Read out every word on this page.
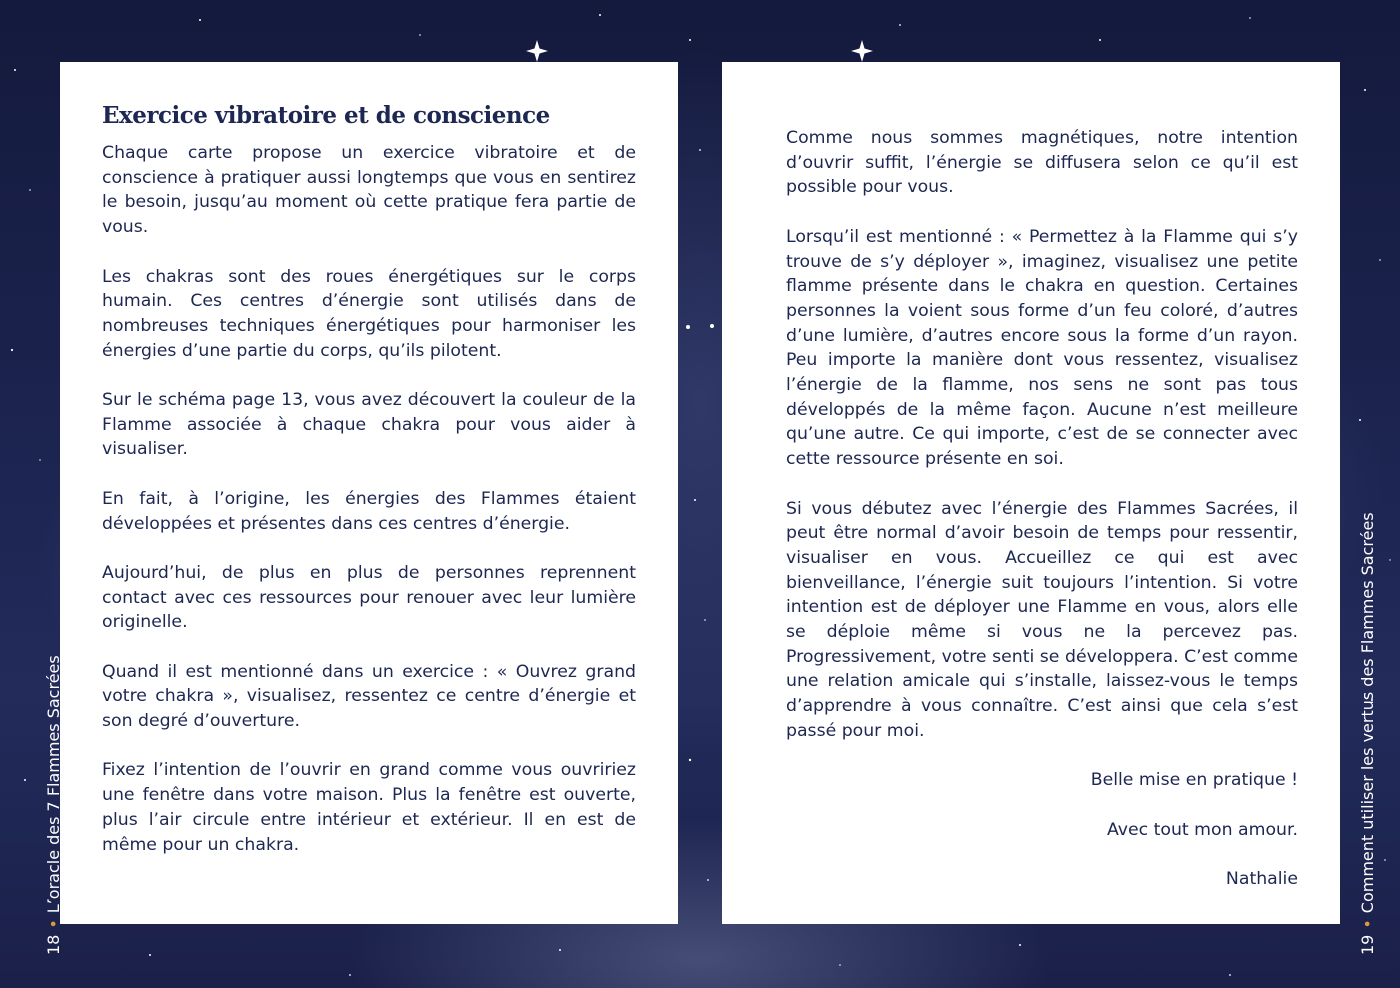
Exercice vibratoire et de conscience

Chaque carte propose un exercice vibratoire et de conscience à pratiquer aussi longtemps que vous en sentirez le besoin, jusqu’au moment où cette pratique fera partie de vous.

Les chakras sont des roues énergétiques sur le corps humain. Ces centres d’énergie sont utilisés dans de nombreuses techniques énergétiques pour harmoniser les énergies d’une partie du corps, qu’ils pilotent.

Sur le schéma page 13, vous avez découvert la couleur de la Flamme associée à chaque chakra pour vous aider à visualiser.

En fait, à l’origine, les énergies des Flammes étaient développées et présentes dans ces centres d’énergie.

Aujourd’hui, de plus en plus de personnes reprennent contact avec ces ressources pour renouer avec leur lumière originelle.

Quand il est mentionné dans un exercice : « Ouvrez grand votre chakra », visualisez, ressentez ce centre d’énergie et son degré d’ouverture.

Fixez l’intention de l’ouvrir en grand comme vous ouvririez une fenêtre dans votre maison. Plus la fenêtre est ouverte, plus l’air circule entre intérieur et extérieur. Il en est de même pour un chakra.

Comme nous sommes magnétiques, notre intention d’ouvrir suffit, l’énergie se diffusera selon ce qu’il est possible pour vous.

Lorsqu’il est mentionné : « Permettez à la Flamme qui s’y trouve de s’y déployer », imaginez, visualisez une petite flamme présente dans le chakra en question. Certaines personnes la voient sous forme d’un feu coloré, d’autres d’une lumière, d’autres encore sous la forme d’un rayon. Peu importe la manière dont vous ressentez, visualisez l’énergie de la flamme, nos sens ne sont pas tous développés de la même façon. Aucune n’est meilleure qu’une autre. Ce qui importe, c’est de se connecter avec cette ressource présente en soi.

Si vous débutez avec l’énergie des Flammes Sacrées, il peut être normal d’avoir besoin de temps pour ressentir, visualiser en vous. Accueillez ce qui est avec bienveillance, l’énergie suit toujours l’intention. Si votre intention est de déployer une Flamme en vous, alors elle se déploie même si vous ne la percevez pas. Progressivement, votre senti se développera. C’est comme une relation amicale qui s’installe, laissez-vous le temps d’apprendre à vous connaître. C’est ainsi que cela s’est passé pour moi.

Belle mise en pratique !

Avec tout mon amour.

Nathalie

18•L’oracle des 7 Flammes Sacrées
19•Comment utiliser les vertus des Flammes Sacrées
